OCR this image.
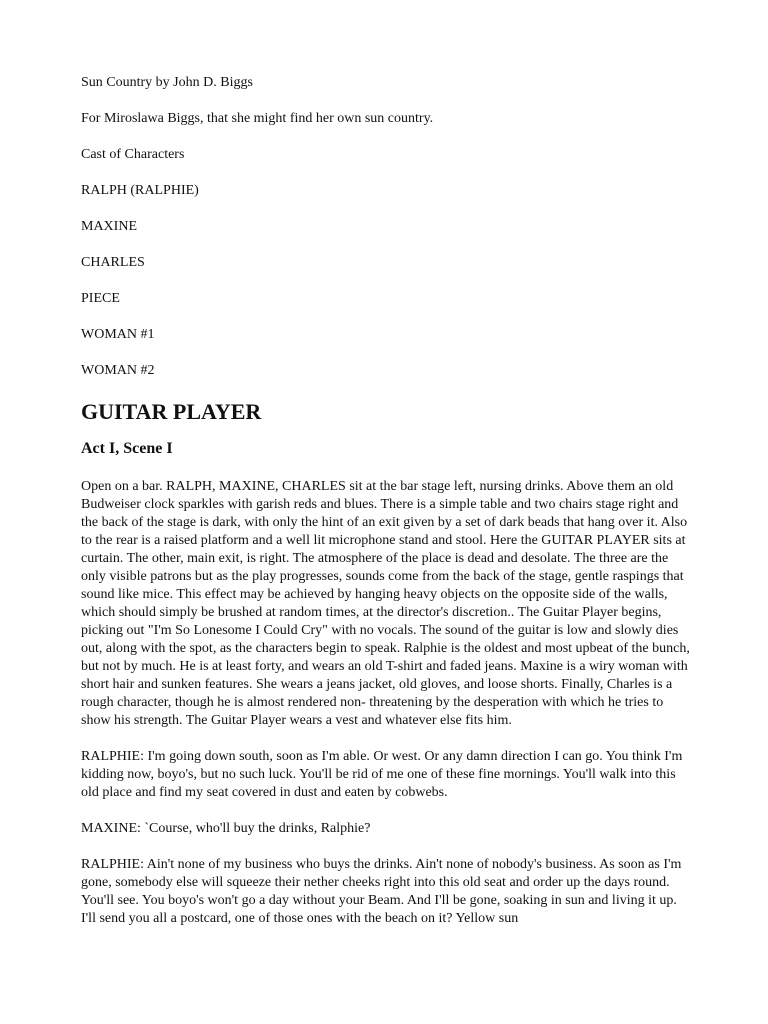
Sun Country by John D. Biggs
For Miroslawa Biggs, that she might find her own sun country.
Cast of Characters
RALPH (RALPHIE)
MAXINE
CHARLES
PIECE
WOMAN #1
WOMAN #2
GUITAR PLAYER
Act I, Scene I

Open on a bar. RALPH, MAXINE, CHARLES sit at the bar stage left, nursing drinks. Above them an old Budweiser clock sparkles with garish reds and blues. There is a simple table and two chairs stage right and the back of the stage is dark, with only the hint of an exit given by a set of dark beads that hang over it. Also to the rear is a raised platform and a well lit microphone stand and stool. Here the GUITAR PLAYER sits at curtain. The other, main exit, is right. The atmosphere of the place is dead and desolate. The three are the only visible patrons but as the play progresses, sounds come from the back of the stage, gentle raspings that sound like mice. This effect may be achieved by hanging heavy objects on the opposite side of the walls, which should simply be brushed at random times, at the director's discretion.. The Guitar Player begins, picking out "I'm So Lonesome I Could Cry" with no vocals. The sound of the guitar is low and slowly dies out, along with the spot, as the characters begin to speak. Ralphie is the oldest and most upbeat of the bunch, but not by much. He is at least forty, and wears an old T-shirt and faded jeans. Maxine is a wiry woman with short hair and sunken features. She wears a jeans jacket, old gloves, and loose shorts. Finally, Charles is a rough character, though he is almost rendered non- threatening by the desperation with which he tries to show his strength. The Guitar Player wears a vest and whatever else fits him.

RALPHIE: I'm going down south, soon as I'm able. Or west. Or any damn direction I can go. You think I'm kidding now, boyo's, but no such luck. You'll be rid of me one of these fine mornings. You'll walk into this old place and find my seat covered in dust and eaten by cobwebs.

MAXINE: `Course, who'll buy the drinks, Ralphie?

RALPHIE: Ain't none of my business who buys the drinks. Ain't none of nobody's business. As soon as I'm gone, somebody else will squeeze their nether cheeks right into this old seat and order up the days round. You'll see. You boyo's won't go a day without your Beam. And I'll be gone, soaking in sun and living it up. I'll send you all a postcard, one of those ones with the beach on it? Yellow sun
